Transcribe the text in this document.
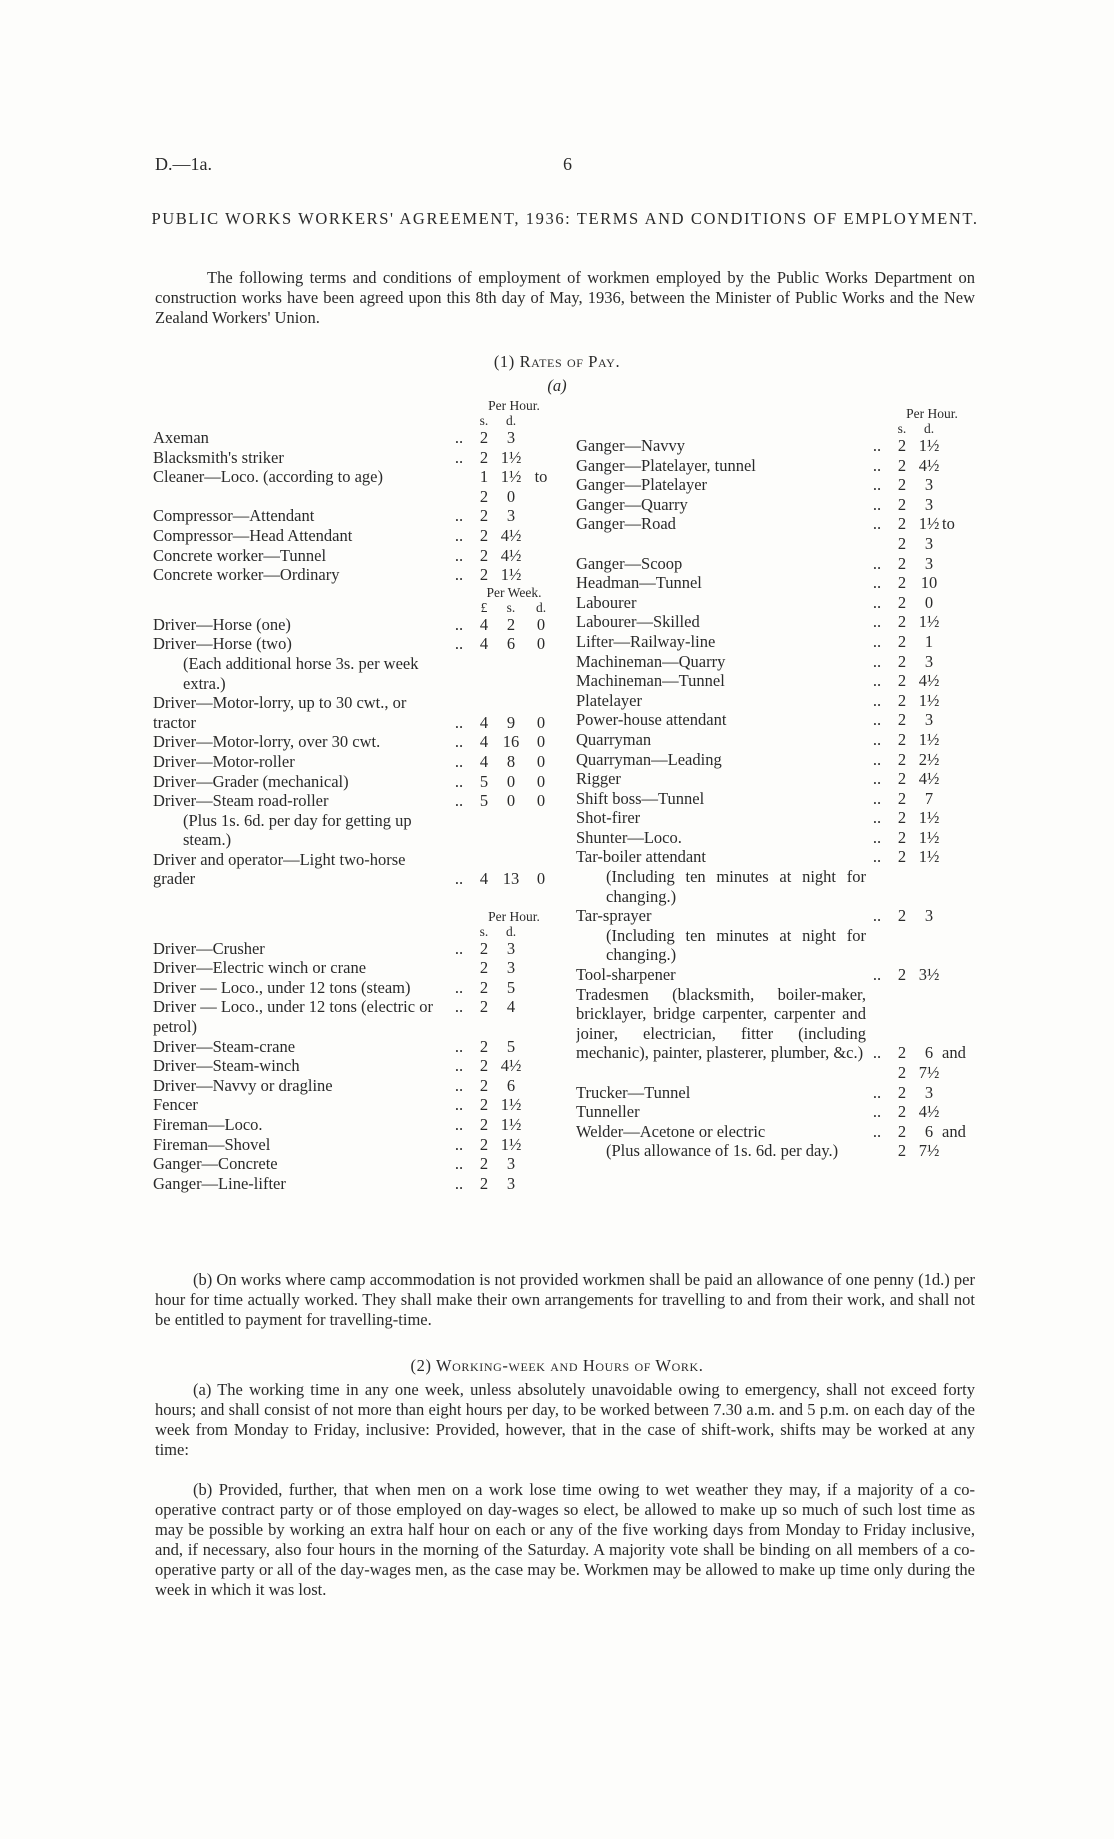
D.—1a.	6
PUBLIC WORKS WORKERS' AGREEMENT, 1936: TERMS AND CONDITIONS OF EMPLOYMENT.
The following terms and conditions of employment of workmen employed by the Public Works Department on construction works have been agreed upon this 8th day of May, 1936, between the Minister of Public Works and the New Zealand Workers' Union.
(1) Rates of Pay.
(a)
Per Hour.
s.	d.
Axeman	..	2	3
Blacksmith's striker	..	2 1½
Cleaner—Loco. (according to age)	1 1½ to
2	0
Compressor—Attendant	..	2	3
Compressor—Head Attendant	..	2 4½
Concrete worker—Tunnel	..	2 4½
Concrete worker—Ordinary	..	2 1½
Per Week.
£	s.	d.
Driver—Horse (one)	..	4	2	0
Driver—Horse (two)	..	4	6	0
(Each additional horse 3s. per week extra.)
Driver—Motor-lorry, up to 30 cwt., or tractor	..	4	9	0
Driver—Motor-lorry, over 30 cwt.	..	4 16	0
Driver—Motor-roller	..	4	8	0
Driver—Grader (mechanical)	..	5	0	0
Driver—Steam road-roller	..	5	0	0
(Plus 1s. 6d. per day for getting up steam.)
Driver and operator—Light two-horse grader	..	4 13	0
Per Hour.
s.	d.
Driver—Crusher	..	2	3
Driver—Electric winch or crane	2	3
Driver — Loco., under 12 tons (steam)	..	2	5
Driver — Loco., under 12 tons (electric or petrol)
..	2	4
Driver—Steam-crane	..	2	5
Driver—Steam-winch	..	2 4½
Driver—Navvy or dragline	..	2	6
Fencer	..	2 1½
Fireman—Loco.	..	2 1½
Fireman—Shovel	..	2 1½
Ganger—Concrete	..	2	3
Ganger—Line-lifter	..	2	3
Per Hour.
s.	d.
Ganger—Navvy	..	2 1½
Ganger—Platelayer, tunnel	..	2 4½
Ganger—Platelayer	..	2	3
Ganger—Quarry	..	2	3
Ganger—Road	..	2 1½ to
2	3
Ganger—Scoop	..	2	3
Headman—Tunnel	..	2 10
Labourer	..	2	0
Labourer—Skilled	..	2 1½
Lifter—Railway-line	..	2	1
Machineman—Quarry	..	2	3
Machineman—Tunnel	..	2 4½
Platelayer	..	2 1½
Power-house attendant	..	2	3
Quarryman	..	2 1½
Quarryman—Leading	..	2 2½
Rigger	..	2 4½
Shift boss—Tunnel	..	2	7
Shot-firer	..	2 1½
Shunter—Loco.	..	2 1½
Tar-boiler attendant	..	2 1½
(Including ten minutes at night for changing.)
Tar-sprayer	..	2	3
(Including ten minutes at night for changing.)
Tool-sharpener	..	2 3½
Tradesmen (blacksmith, boiler-maker, bricklayer, bridge carpenter, carpenter and joiner, electrician, fitter (including mechanic), painter, plasterer, plumber, &c.) ..	2	6 and
2 7½
Trucker—Tunnel	..	2	3
Tunneller	..	2 4½
Welder—Acetone or electric	..	2	6 and
(Plus allowance of 1s. 6d. per day.)	2 7½
(b) On works where camp accommodation is not provided workmen shall be paid an allowance of one penny (1d.) per hour for time actually worked. They shall make their own arrangements for travelling to and from their work, and shall not be entitled to payment for travelling-time.
(2) Working-week and Hours of Work.
(a) The working time in any one week, unless absolutely unavoidable owing to emergency, shall not exceed forty hours; and shall consist of not more than eight hours per day, to be worked between 7.30 a.m. and 5 p.m. on each day of the week from Monday to Friday, inclusive: Provided, however, that in the case of shift-work, shifts may be worked at any time:
(b) Provided, further, that when men on a work lose time owing to wet weather they may, if a majority of a co-operative contract party or of those employed on day-wages so elect, be allowed to make up so much of such lost time as may be possible by working an extra half hour on each or any of the five working days from Monday to Friday inclusive, and, if necessary, also four hours in the morning of the Saturday. A majority vote shall be binding on all members of a co-operative party or all of the day-wages men, as the case may be. Workmen may be allowed to make up time only during the week in which it was lost.
